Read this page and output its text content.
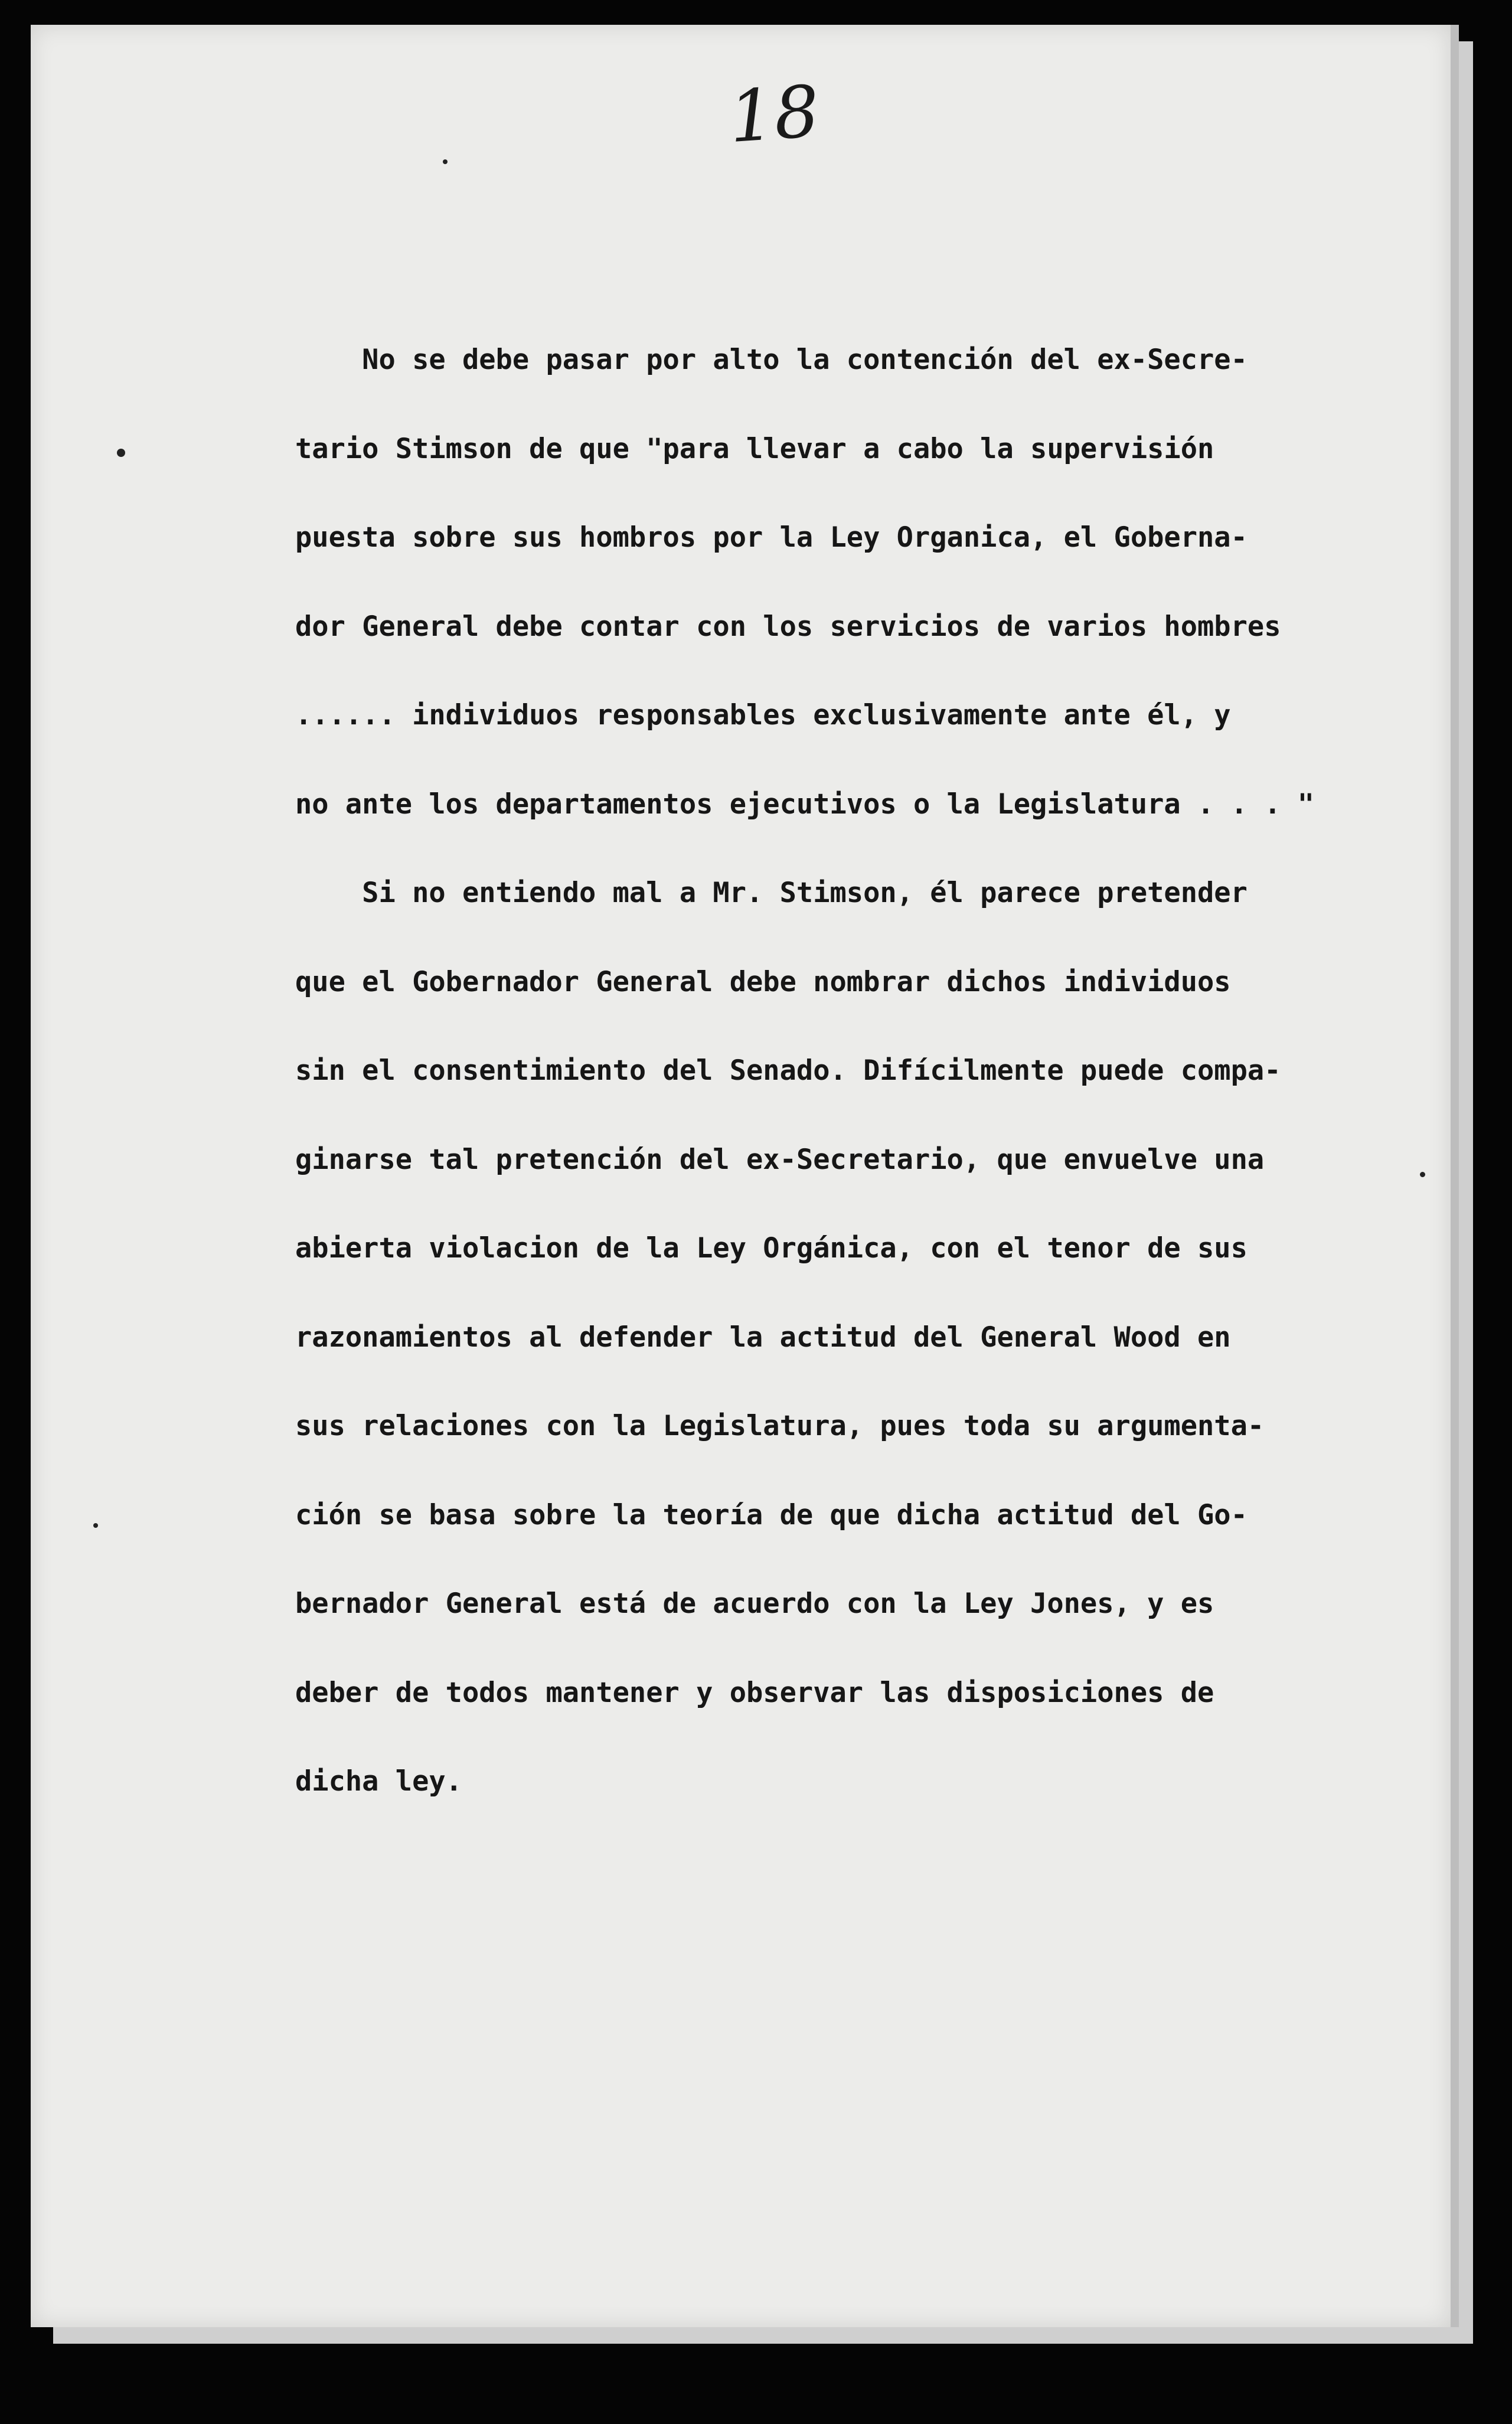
18
No se debe pasar por alto la contención del ex-Secre-
tario Stimson de que "para llevar a cabo la supervisión
puesta sobre sus hombros por la Ley Organica, el Goberna-
dor General debe contar con los servicios de varios hombres
...... individuos responsables exclusivamente ante él, y
no ante los departamentos ejecutivos o la Legislatura . . . "
Si no entiendo mal a Mr. Stimson, él parece pretender
que el Gobernador General debe nombrar dichos individuos
sin el consentimiento del Senado. Difícilmente puede compa-
ginarse tal pretención del ex-Secretario, que envuelve una
abierta violacion de la Ley Orgánica, con el tenor de sus
razonamientos al defender la actitud del General Wood en
sus relaciones con la Legislatura, pues toda su argumenta-
ción se basa sobre la teoría de que dicha actitud del Go-
bernador General está de acuerdo con la Ley Jones, y es
deber de todos mantener y observar las disposiciones de
dicha ley.
